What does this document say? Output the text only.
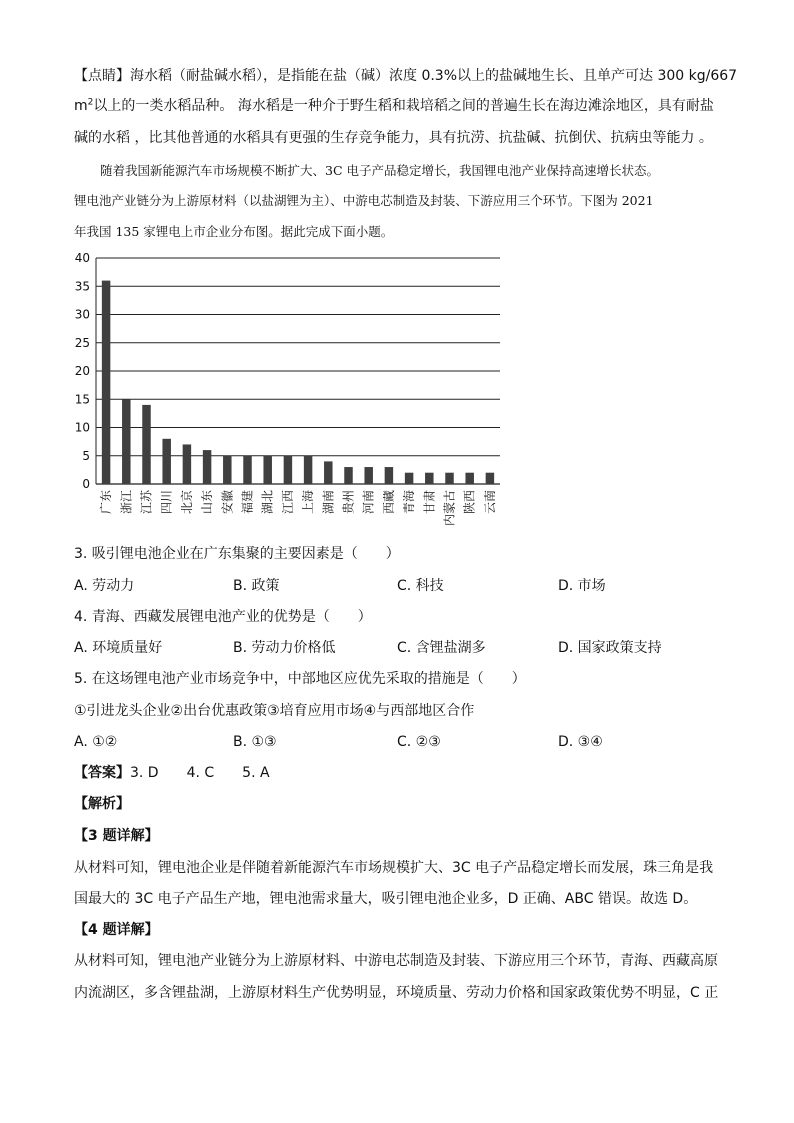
【点睛】海水稻（耐盐碱水稻），是指能在盐（碱）浓度 0.3%以上的盐碱地生长、且单产可达 300 kg/667
$m^2$以上的一类水稻品种。 海水稻是一种介于野生稻和栽培稻之间的普遍生长在海边滩涂地区，具有耐盐
碱的水稻 ，比其他普通的水稻具有更强的生存竞争能力，具有抗涝、抗盐碱、抗倒伏、抗病虫等能力 。
随着我国新能源汽车市场规模不断扩大、3C 电子产品稳定增长，我国锂电池产业保持高速增长状态。
锂电池产业链分为上游原材料（以盐湖锂为主）、中游电芯制造及封装、下游应用三个环节。下图为 2021
年我国 135 家锂电上市企业分布图。据此完成下面小题。
0
5
10
15
20
25
30
35
40
广东 浙江 江苏 四川 北京 山东 安徽 福建 湖北 江西 上海 湖南 贵州 河南 西藏 青海 甘肃 内蒙古 陕西 云南
3. 吸引锂电池企业在广东集聚的主要因素是（　　）
A. 劳动力	B. 政策	C. 科技	D. 市场
4. 青海、西藏发展锂电池产业的优势是（　　）
A. 环境质量好	B. 劳动力价格低	C. 含锂盐湖多	D. 国家政策支持
5. 在这场锂电池产业市场竞争中，中部地区应优先采取的措施是（　　）
①引进龙头企业②出台优惠政策③培育应用市场④与西部地区合作
A. ①②	B. ①③	C. ②③	D. ③④
【答案】3. D　　4. C　　5. A
【解析】
【3 题详解】
从材料可知，锂电池企业是伴随着新能源汽车市场规模扩大、3C 电子产品稳定增长而发展，珠三角是我
国最大的 3C 电子产品生产地，锂电池需求量大，吸引锂电池企业多，D 正确、ABC 错误。故选 D。
【4 题详解】
从材料可知，锂电池产业链分为上游原材料、中游电芯制造及封装、下游应用三个环节，青海、西藏高原
内流湖区，多含锂盐湖，上游原材料生产优势明显，环境质量、劳动力价格和国家政策优势不明显，C 正
